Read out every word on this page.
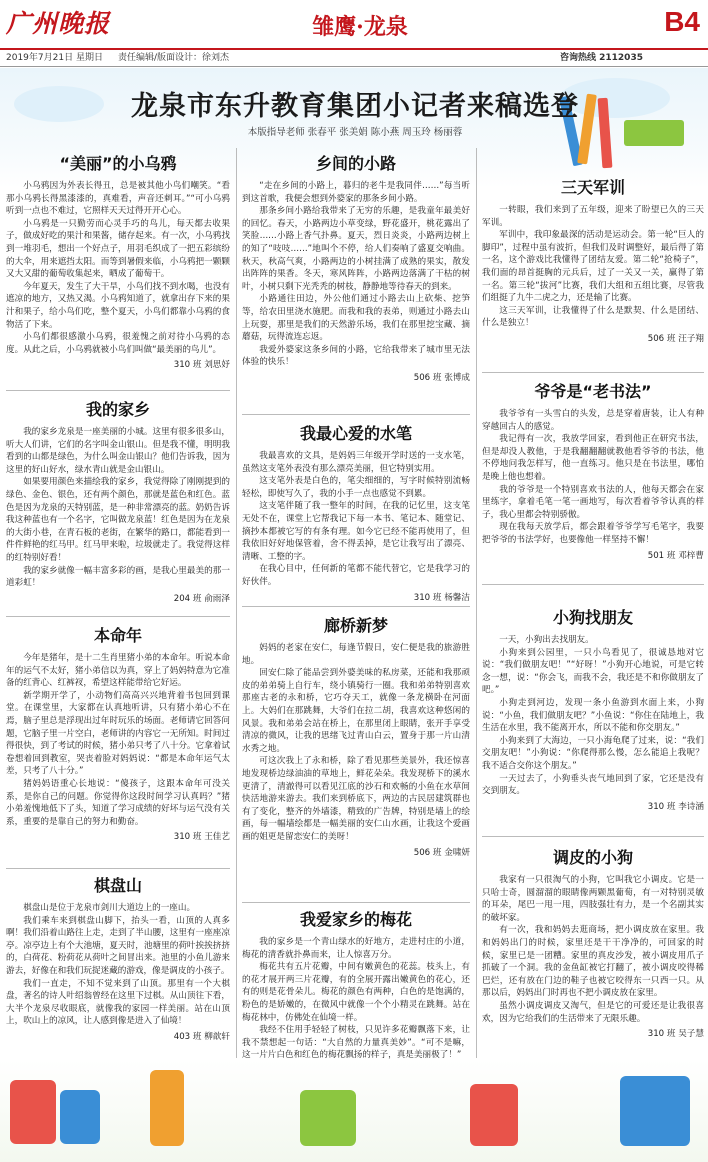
广州晚报	雏鹰·龙泉	B4
2019年7月21日 星期日 责任编辑/版面设计：徐刘杰	咨询热线 2112035
龙泉市东升教育集团小记者来稿选登
本版指导老师 张春平 张美娟 陈小燕 周玉玲 杨丽蓉
“美丽”的小乌鸦

小乌鸦因为外表长得丑，总是被其他小鸟们嘲笑。“看那小乌鸦长得黑漆漆的，真难看，声音还刺耳。”“可小乌鸦听到一点也不难过，它照样天天过得开开心心。

小乌鸦是一只勤劳而心灵手巧的鸟儿，每天都去收果子，做成好吃的果汁和果酱，储存起来。有一次，小乌鸦找到一堆羽毛，想出一个好点子，用羽毛织成了一把五彩缤纷的大伞，用来遮挡太阳。而等到暑假来临，小乌鸦把一颗颗又大又甜的葡萄收集起来，晒成了葡萄干。

今年夏天，发生了大干旱，小鸟们找不到水喝，也没有遮凉的地方，又热又渴。小乌鸦知道了，就拿出存下来的果汁和果子，给小鸟们吃，整个夏天，小鸟们都靠小乌鸦的食物活了下来。

小鸟们都很感激小乌鸦，很羞愧之前对待小乌鸦的态度。从此之后，小乌鸦就被小鸟们叫做“最美丽的鸟儿”。

310 班 刘思妤
我的家乡

我的家乡龙泉是一座美丽的小城。这里有很多很多山，听大人们讲，它们的名字叫金山银山。但是我不懂，明明我看到的山都是绿色，为什么叫金山银山？他们告诉我，因为这里的好山好水，绿水青山就是金山银山。

如果要用颜色来描绘我的家乡，我觉得除了刚刚提到的绿色、金色、银色，还有两个颜色，那就是蓝色和红色。蓝色是因为龙泉的天特别蓝，是一种非常漂亮的蓝。奶奶告诉我这种蓝也有一个名字，它叫做龙泉蓝！红色是因为在龙泉的大街小巷，在青石板的老街，在繁华的路口，都能看到一件件鲜艳的红马甲。红马甲来啦，垃圾就走了。我觉得这样的红特别好看！

我的家乡就像一幅丰富多彩的画，是我心里最美的那一道彩虹！

204 班 俞雨泽
本命年

今年是猪年，是十二生肖里猪小弟的本命年。听说本命年的运气不太好，猪小弟信以为真，穿上了妈妈特意为它准备的红背心、红裤衩，希望这样能带给它好运。

新学期开学了，小动物们高高兴兴地背着书包回到课堂。在课堂里，大家都在认真地听讲，只有猪小弟心不在焉，脑子里总是浮现出过年时玩乐的场面。老师请它回答问题，它脑子里一片空白，老师讲的内容它一无所知。时间过得很快，到了考试的时候，猪小弟只考了八十分。它拿着试卷想着回到教室，哭丧着脸对妈妈说：“都是本命年运气太差，只考了八十分。”

猪妈妈语重心长地说：“傻孩子，这跟本命年可没关系，是你自己的问题。你觉得你这段时间学习认真吗？”猪小弟羞愧地低下了头，知道了学习成绩的好坏与运气没有关系，重要的是靠自己的努力和勤奋。

310 班 王佳艺
棋盘山

棋盘山是位于龙泉市剑川大道边上的一座山。

我们乘车来到棋盘山脚下，抬头一看，山顶的人真多啊！我们沿着山路往上走，走到了半山腰，这里有一座座凉亭。凉亭边上有个大池塘，夏天时，池塘里的荷叶挨挨挤挤的，白荷花、粉荷花从荷叶之间冒出来。池里的小鱼儿游来游去，好像在和我们玩捉迷藏的游戏，像是调皮的小孩子。

我们一直走，不知不觉来到了山顶。那里有一个大棋盘，著名的诗人叶绍翁曾经在这里下过棋。从山顶往下看，大半个龙泉尽收眼底，就像我的家园一样美丽。站在山顶上，吹山上的凉风，让人感到像是进入了仙境！

403 班 柳歆轩
乡间的小路

“走在乡间的小路上，暮归的老牛是我同伴……”每当听到这首歌，我便会想到外婆家的那条乡间小路。

那条乡间小路给我带来了无穷的乐趣，是我童年最美好的回忆。春天，小路两边小草变绿，野花盛开，桃花露出了笑脸……小路上香气扑鼻。夏天，烈日炎炎，小路两边树上的知了“吱吱……”地叫个不停，给人们奏响了盛夏交响曲。秋天，秋高气爽，小路两边的小树挂满了成熟的果实，散发出阵阵的果香。冬天，寒风阵阵，小路两边落满了干枯的树叶，小树只剩下光秃秃的树枝，静静地等待春天的到来。

小路通往田边，外公他们通过小路去山上砍柴、挖笋等，给农田里浇水施肥。而我和我的表弟，则通过小路去山上玩耍，那里是我们的天然游乐场，我们在那里挖宝藏、摘蘑菇，玩得流连忘返。

我爱外婆家这条乡间的小路，它给我带来了城市里无法体验的快乐！

506 班 张博成
我最心爱的水笔

我最喜欢的文具，是妈妈三年级开学时送的一支水笔，虽然这支笔外表没有那么漂亮美丽，但它特别实用。

这支笔外表是白色的，笔尖细细的，写字时候特别流畅轻松，即使写久了，我的小手一点也感觉不到累。

这支笔伴随了我一整年的时间，在我的记忆里，这支笔无处不在，课堂上它帮我记下每一本书、笔记本、随堂记、摘抄本都被它写的有条有理。如今它已经不能再使用了，但我依旧好好地保管着，舍不得丢掉，是它让我写出了漂亮、清晰、工整的字。

在我心目中，任何新的笔都不能代替它，它是我学习的好伙伴。

310 班 杨馨洁
廊桥新梦

妈妈的老家在安仁，每逢节假日，安仁便是我的旅游胜地。

回安仁除了能品尝到外婆美味的私房菜，还能和我那顽皮的弟弟骑上自行车，绕小镇骑行一圈。我和弟弟特别喜欢那座古老的永和桥，它巧夺天工，就像一条龙横卧在河面上。大妈们在那跳舞，大爷们在拉二胡，我喜欢这种悠闲的风景。我和弟弟会站在桥上，在那里闭上眼睛，张开手享受清凉的微风，让我的思绪飞过青山白云，置身于那一片山清水秀之地。

可这次我上了永和桥，除了看见那些美景外，我还惊喜地发现桥边绿油油的草地上，鲜花朵朵。我发现桥下的溪水更清了，清澈得可以看见江底的沙石和欢畅的小鱼在水草间快活地游来游去。我们来到桥底下，两边的古民居建筑群也有了变化，整齐的外墙漆，精致的广告牌，特别是墙上的绘画，每一幅墙绘都是一幅美丽的安仁山水画，让我这个爱画画的姐更是留恋安仁的美呀！

506 班 金啸妍
我爱家乡的梅花

我的家乡是一个青山绿水的好地方，走进村庄的小道，梅花的清香就扑鼻而来，让人惊喜万分。

梅花共有五片花瓣，中间有嫩黄色的花蕊。枝头上，有的花才展开两三片花瓣，有的全展开露出嫩黄色的花心，还有的则是花骨朵儿。梅花的颜色有两种，白色的是饱满的，粉色的是娇嫩的，在微风中就像一个个小精灵在跳舞。站在梅花林中，仿佛处在仙境一样。

我经不住用手轻轻了树枝，只见许多花瓣飘落下来，让我不禁想起一句话：“大自然的力量真美妙”。“可不是嘛，这一片片白色和红色的梅花飘扬的样子，真是美丽极了！”

三天军训

一转眼，我们来到了五年级，迎来了盼望已久的三天军训。

军训中，我印象最深的活动是运动会。第一轮“巨人的脚印”，过程中虽有波折，但我们及时调整好，最后得了第一名，这个游戏比我懂得了团结友爱。第二轮“抢椅子”，我们面的昂首挺胸的元兵后，过了一关又一关，赢得了第一名。第三轮“拔河”比赛，我们大组和五组比赛，尽管我们组挺了九牛二虎之力，还是输了比赛。

这三天军训，让我懂得了什么是默契、什么是团结、什么是独立！

506 班 汪子翔
爷爷是“老书法”

我爷爷有一头雪白的头发，总是穿着唐装，让人有种穿越回古人的感觉。

我记得有一次，我放学回家，看到他正在研究书法，但是却没人教他，于是我翻翻翻就教他看爷爷的书法，他不停地问我怎样写，他一直练习。他只是在书法里，哪怕是晚上他也想着。

我的爷爷是一个特别喜欢书法的人，他每天都会在家里练字，拿着毛笔一笔一画地写，每次看着爷爷认真的样子，我心里都会特别骄傲。

现在我每天放学后，都会跟着爷爷学写毛笔字，我要把爷爷的书法学好，也要像他一样坚持不懈！

501 班 邓梓曹
小狗找朋友

一天，小狗出去找朋友。

小狗来到公园里，一只小鸟看见了，很诚恳地对它说：“我们做朋友吧！”“好呀！”小狗开心地说，可是它转念一想，说：“你会飞，而我不会，我还是不和你做朋友了吧。”

小狗走到河边，发现一条小鱼游到水面上来，小狗说：“小鱼，我们做朋友吧？”小鱼说：“你住在陆地上，我生活在水里，我不能离开水，所以不能和你交朋友。”

小狗来到了大海边，一只小海龟爬了过来，说：“我们交朋友吧！”小狗说：“你爬得那么慢，怎么能追上我呢？我不适合交你这个朋友。”

一天过去了，小狗垂头丧气地回到了家，它还是没有交到朋友。

310 班 李诗涵
调皮的小狗

我家有一只很淘气的小狗，它叫我它小调皮。它是一只哈士奇，圆溜溜的眼睛像两颗黑葡萄，有一对特别灵敏的耳朵，尾巴一甩一甩，四肢强壮有力，是一个名副其实的破坏家。

有一次，我和妈妈去逛商场，把小调皮放在家里。我和妈妈出门的时候，家里还是干干净净的，可回家的时候，家里已是一团糟。家里的真皮沙发，被小调皮用爪子抓破了一个洞。我的金鱼缸被它打翻了，被小调皮咬得稀巴烂，还有放在门边的鞋子也被它咬得东一只西一只。从那以后，妈妈出门时再也不把小调皮放在家里。

虽然小调皮调皮又淘气，但是它的可爱还是让我很喜欢，因为它给我们的生活带来了无限乐趣。

310 班 吴子慧
